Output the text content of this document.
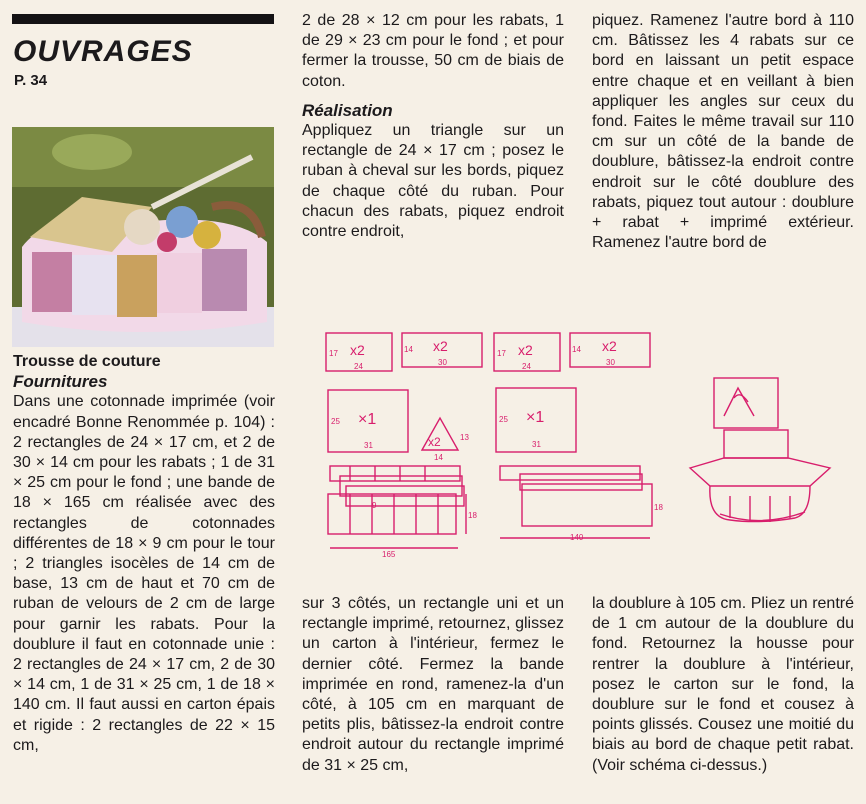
OUVRAGES
P. 34

Trousse de couture

Fournitures

Dans une cotonnade imprimée (voir encadré Bonne Renommée p. 104) : 2 rectangles de 24 × 17 cm, et 2 de 30 × 14 cm pour les rabats ; 1 de 31 × 25 cm pour le fond ; une bande de 18 × 165 cm réalisée avec des rectangles de cotonnades différentes de 18 × 9 cm pour le tour ; 2 triangles isocèles de 14 cm de base, 13 cm de haut et 70 cm de ruban de velours de 2 cm de large pour garnir les rabats. Pour la doublure il faut en cotonnade unie : 2 rectangles de 24 × 17 cm, 2 de 30 × 14 cm, 1 de 31 × 25 cm, 1 de 18 × 140 cm. Il faut aussi en carton épais et rigide : 2 rectangles de 22 × 15 cm,

2 de 28 × 12 cm pour les rabats, 1 de 29 × 23 cm pour le fond ; et pour fermer la trousse, 50 cm de biais de coton.

Réalisation

Appliquez un triangle sur un rectangle de 24 × 17 cm ; posez le ruban à cheval sur les bords, piquez de chaque côté du ruban. Pour chacun des rabats, piquez endroit contre endroit,

piquez. Ramenez l'autre bord à 110 cm. Bâtissez les 4 rabats sur ce bord en laissant un petit espace entre chaque et en veillant à bien appliquer les angles sur ceux du fond. Faites le même travail sur 110 cm sur un côté de la bande de doublure, bâtissez-la endroit contre endroit sur le côté doublure des rabats, piquez tout autour : doublure + rabat + imprimé extérieur. Ramenez l'autre bord de

sur 3 côtés, un rectangle uni et un rectangle imprimé, retournez, glissez un carton à l'intérieur, fermez le dernier côté. Fermez la bande imprimée en rond, ramenez-la d'un côté, à 105 cm en marquant de petits plis, bâtissez-la endroit contre endroit autour du rectangle imprimé de 31 × 25 cm,

la doublure à 105 cm. Pliez un rentré de 1 cm autour de la doublure du fond. Retournez la housse pour rentrer la doublure à l'intérieur, posez le carton sur le fond, la doublure sur le fond et cousez à points glissés. Cousez une moitié du biais au bord de chaque petit rabat. (Voir schéma ci-dessus.)

x2
17
24
x2
14
30
x2
17
24
x2
14
30
×1
25
31	x2 13
14
×1
25
31
9
18
165
18
140
